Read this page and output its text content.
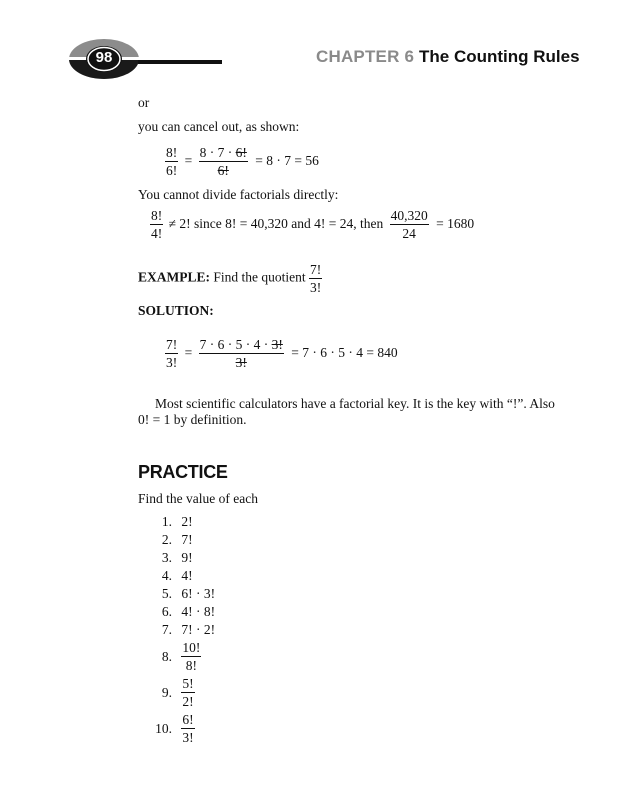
98	CHAPTER 6 The Counting Rules
or
you can cancel out, as shown:
$\frac{8!}{6!} = \frac{8 \cdot 7 \cdot 6!}{6!} = 8 \cdot 7 = 56$
You cannot divide factorials directly:
$\frac{8!}{4!} \ne 2$! since 8! = 40,320 and 4! = 24, then $\frac{40,320}{24} = 1680$
EXAMPLE: Find the quotient $\frac{7!}{3!}$
SOLUTION:
$\frac{7!}{3!} = \frac{7 \cdot 6 \cdot 5 \cdot 4 \cdot 3!}{3!} = 7 \cdot 6 \cdot 5 \cdot 4 = 840$
Most scientific calculators have a factorial key. It is the key with “!”. Also
0! = 1 by definition.
PRACTICE
Find the value of each
1. 2!
2. 7!
3. 9!
4. 4!
5. 6! · 3!
6. 4! · 8!
7. 7! · 2!
8. $\frac{10!}{8!}$
9. $\frac{5!}{2!}$
10. $\frac{6!}{3!}$
